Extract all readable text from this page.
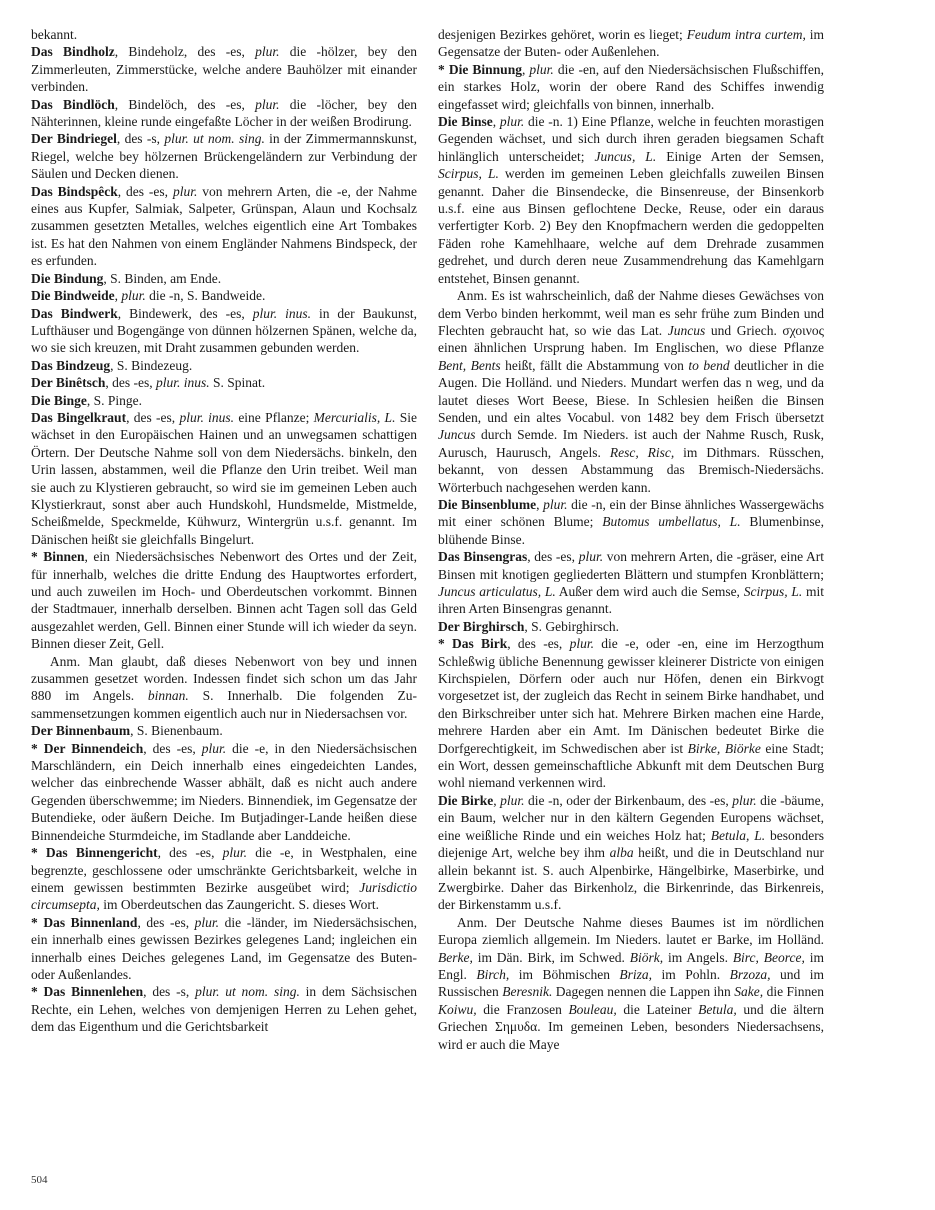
bekannt.

Das Bindholz, Bindeholz, des -es, plur. die -hölzer, bey den Zimmerleuten, Zimmerstücke, welche andere Bauhölzer mit einander verbinden.

Das Bindlöch, Bindelöch, des -es, plur. die -löcher, bey den Nähterinnen, kleine runde eingefaßte Löcher in der weißen Brodirung.

Der Bindriegel, des -s, plur. ut nom. sing. in der Zimmermannskunst, Riegel, welche bey hölzernen Brückengeländern zur Verbindung der Säulen und Decken dienen.

Das Bindspêck, des -es, plur. von mehrern Arten, die -e, der Nahme eines aus Kupfer, Salmiak, Salpeter, Grünspan, Alaun und Kochsalz zusammen gesetzten Metalles, welches eigentlich eine Art Tombakes ist. Es hat den Nahmen von einem Engländer Nahmens Bindspeck, der es erfunden.

Die Bindung, S. Binden, am Ende.

Die Bindweide, plur. die -n, S. Bandweide.

Das Bindwerk, Bindewerk, des -es, plur. inus. in der Baukunst, Lufthäuser und Bogengänge von dünnen hölzernen Spänen, welche da, wo sie sich kreuzen, mit Draht zusammen gebunden werden.

Das Bindzeug, S. Bindezeug.

Der Binêtsch, des -es, plur. inus. S. Spinat.

Die Binge, S. Pinge.

Das Bingelkraut, des -es, plur. inus. eine Pflanze; Mercurialis, L. Sie wächset in den Europäischen Hainen und an unwegsamen schattigen Örtern. Der Deutsche Nahme soll von dem Niedersächs. binkeln, den Urin lassen, abstammen, weil die Pflanze den Urin treibet. Weil man sie auch zu Klystieren gebraucht, so wird sie im gemeinen Leben auch Klystierkraut, sonst aber auch Hundskohl, Hundsmelde, Mistmelde, Scheißmelde, Speckmelde, Kühwurz, Wintergrün u.s.f. genannt. Im Dänischen heißt sie gleichfalls Bingelurt.

* Binnen, ein Niedersächsisches Nebenwort des Ortes und der Zeit, für innerhalb, welches die dritte Endung des Hauptwortes erfordert, und auch zuweilen im Hoch- und Oberdeutschen vorkommt. Binnen der Stadtmauer, innerhalb derselben. Binnen acht Tagen soll das Geld ausgezahlet werden, Gell. Binnen einer Stunde will ich wieder da seyn. Binnen dieser Zeit, Gell.

Anm. Man glaubt, daß dieses Nebenwort von bey und innen zusammen gesetzet worden. Indessen findet sich schon um das Jahr 880 im Angels. binnan. S. Innerhalb. Die folgenden Zusammensetzungen kommen eigentlich auch nur in Niedersachsen vor.

Der Binnenbaum, S. Bienenbaum.

* Der Binnendeich, des -es, plur. die -e, in den Niedersächsischen Marschländern, ein Deich innerhalb eines eingedeichten Landes, welcher das einbrechende Wasser abhält, daß es nicht auch andere Gegenden überschwemme; im Nieders. Binnendiek, im Gegensatze der Butendieke, oder äußern Deiche. Im Butjadinger-Lande heißen diese Binnendeiche Sturmdeiche, im Stadlande aber Landdeiche.

* Das Binnengericht, des -es, plur. die -e, in Westphalen, eine begrenzte, geschlossene oder umschränkte Gerichtsbarkeit, welche in einem gewissen bestimmten Bezirke ausgeübet wird; Jurisdictio circumsepta, im Oberdeutschen das Zaungericht. S. dieses Wort.

* Das Binnenland, des -es, plur. die -länder, im Niedersächsischen, ein innerhalb eines gewissen Bezirkes gelegenes Land; ingleichen ein innerhalb eines Deiches gelegenes Land, im Gegensatze des Buten- oder Außenlandes.

* Das Binnenlehen, des -s, plur. ut nom. sing. in dem Sächsischen Rechte, ein Lehen, welches von demjenigen Herren zu Lehen gehet, dem das Eigenthum und die Gerichtsbarkeit

desjenigen Bezirkes gehöret, worin es lieget; Feudum intra curtem, im Gegensatze der Buten- oder Außenlehen.

* Die Binnung, plur. die -en, auf den Niedersächsischen Flußschiffen, ein starkes Holz, worin der obere Rand des Schiffes inwendig eingefasset wird; gleichfalls von binnen, innerhalb.

Die Binse, plur. die -n. 1) Eine Pflanze, welche in feuchten morastigen Gegenden wächset, und sich durch ihren geraden biegsamen Schaft hinlänglich unterscheidet; Juncus, L. Einige Arten der Semsen, Scirpus, L. werden im gemeinen Leben gleichfalls zuweilen Binsen genannt. Daher die Binsendecke, die Binsenreuse, der Binsenkorb u.s.f. eine aus Binsen geflochtene Decke, Reuse, oder ein daraus verfertigter Korb. 2) Bey den Knopfmachern werden die gedoppelten Fäden rohe Kamehlhaare, welche auf dem Drehrade zusammen gedrehet, und durch deren neue Zusammendrehung das Kamehlgarn entstehet, Binsen genannt.

Anm. Es ist wahrscheinlich, daß der Nahme dieses Gewächses von dem Verbo binden herkommt, weil man es sehr frühe zum Binden und Flechten gebraucht hat, so wie das Lat. Juncus und Griech. σχοινος einen ähnlichen Ursprung haben. Im Englischen, wo diese Pflanze Bent, Bents heißt, fällt die Abstammung von to bend deutlicher in die Augen. Die Holländ. und Nieders. Mundart werfen das n weg, und da lautet dieses Wort Beese, Biese. In Schlesien heißen die Binsen Senden, und ein altes Vocabul. von 1482 bey dem Frisch übersetzt Juncus durch Semde. Im Nieders. ist auch der Nahme Rusch, Rusk, Aurusch, Haurusch, Angels. Resc, Risc, im Dithmars. Rüsschen, bekannt, von dessen Abstammung das Bremisch-Niedersächs. Wörterbuch nachgesehen werden kann.

Die Binsenblume, plur. die -n, ein der Binse ähnliches Wassergewächs mit einer schönen Blume; Butomus umbellatus, L. Blumenbinse, blühende Binse.

Das Binsengras, des -es, plur. von mehrern Arten, die -gräser, eine Art Binsen mit knotigen gegliederten Blättern und stumpfen Kronblättern; Juncus articulatus, L. Außer dem wird auch die Semse, Scirpus, L. mit ihren Arten Binsengras genannt.

Der Birghirsch, S. Gebirghirsch.

* Das Birk, des -es, plur. die -e, oder -en, eine im Herzogthum Schleßwig übliche Benennung gewisser kleinerer Districte von einigen Kirchspielen, Dörfern oder auch nur Höfen, denen ein Birkvogt vorgesetzet ist, der zugleich das Recht in seinem Birke handhabet, und den Birkschreiber unter sich hat. Mehrere Birken machen eine Harde, mehrere Harden aber ein Amt. Im Dänischen bedeutet Birke die Dorfgerechtigkeit, im Schwedischen aber ist Birke, Biörke eine Stadt; ein Wort, dessen gemeinschaftliche Abkunft mit dem Deutschen Burg wohl niemand verkennen wird.

Die Birke, plur. die -n, oder der Birkenbaum, des -es, plur. die -bäume, ein Baum, welcher nur in den kältern Gegenden Europens wächset, eine weißliche Rinde und ein weiches Holz hat; Betula, L. besonders diejenige Art, welche bey ihm alba heißt, und die in Deutschland nur allein bekannt ist. S. auch Alpenbirke, Hängelbirke, Maserbirke, und Zwergbirke. Daher das Birkenholz, die Birkenrinde, das Birkenreis, der Birkenstamm u.s.f.

Anm. Der Deutsche Nahme dieses Baumes ist im nördlichen Europa ziemlich allgemein. Im Nieders. lautet er Barke, im Holländ. Berke, im Dän. Birk, im Schwed. Biörk, im Angels. Birc, Beorce, im Engl. Birch, im Böhmischen Briza, im Pohln. Brzoza, und im Russischen Beresnik. Dagegen nennen die Lappen ihn Sake, die Finnen Koiwu, die Franzosen Bouleau, die Lateiner Betula, und die ältern Griechen Σημυδα. Im gemeinen Leben, besonders Niedersachsens, wird er auch die Maye

504
